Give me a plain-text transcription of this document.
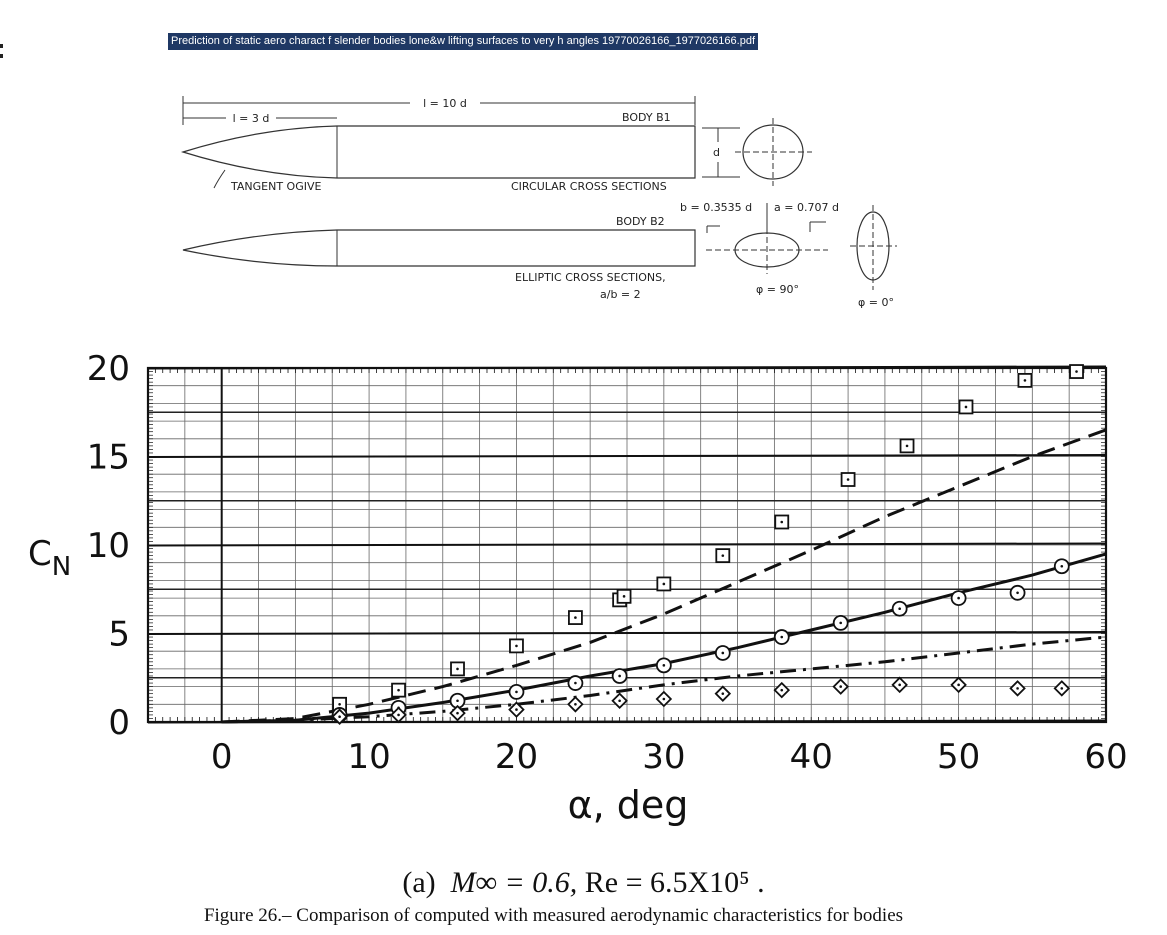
Prediction of static aero charact f slender bodies lone&w lifting surfaces to very h angles 19770026166_1977026166.pdf
l = 10 d
l = 3 d	BODY B1
TANGENT OGIVE	CIRCULAR CROSS SECTIONS
d
BODY B2
ELLIPTIC CROSS SECTIONS,
a/b = 2
b = 0.3535 d a = 0.707 d
φ = 90°
φ = 0°
0	10	20	30	40	50	60
0
5
10
15
20
α, deg
$C_N$
(a) M∞ = 0.6, Re = 6.5X10⁵ .
Figure 26.– Comparison of computed with measured aerodynamic characteristics for bodies
